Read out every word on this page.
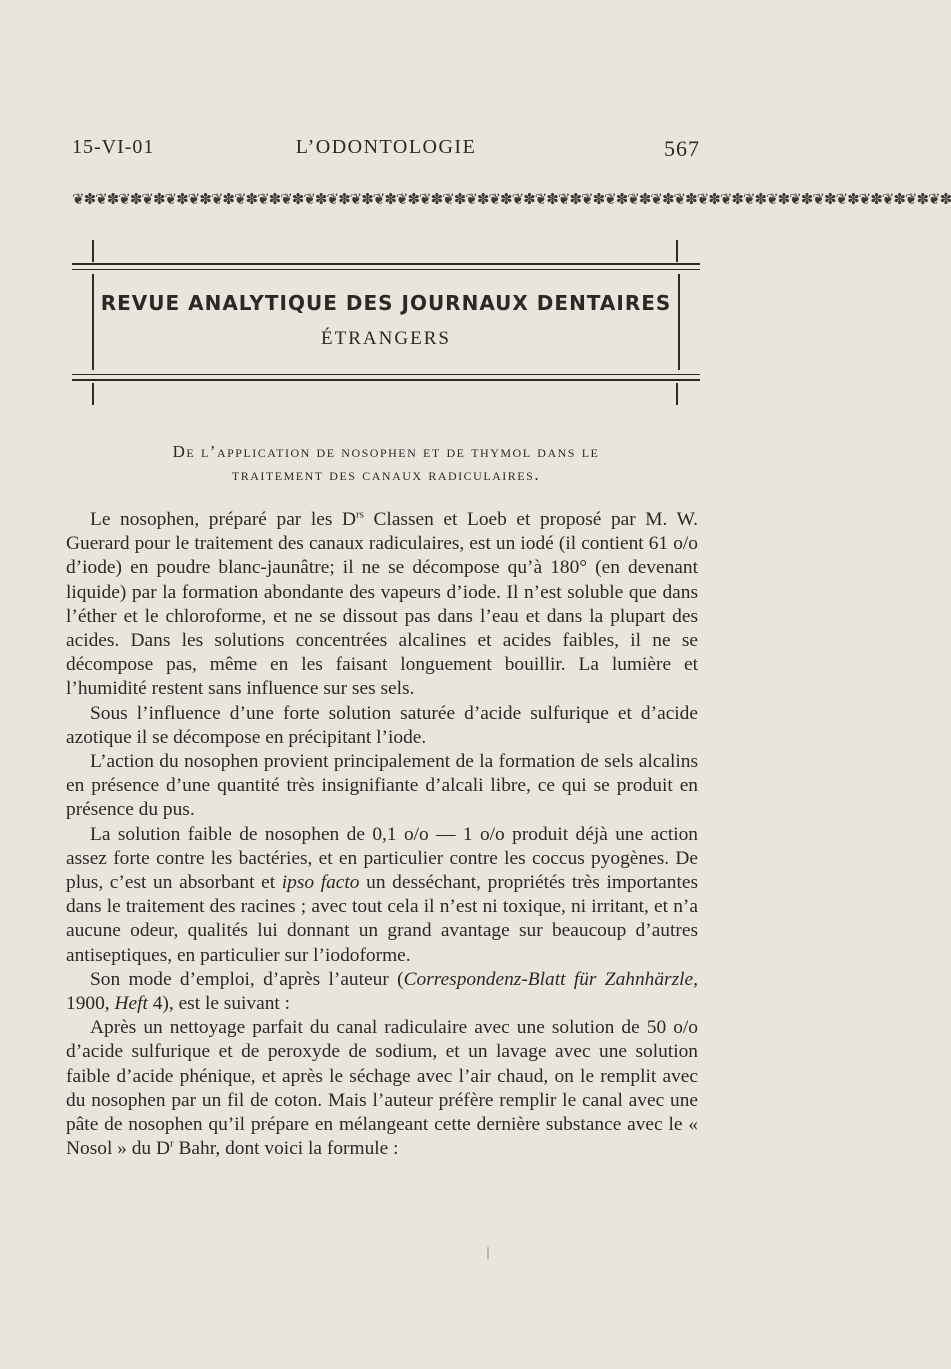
15-VI-01	L’ODONTOLOGIE	567
❦✽❦✽❦✽❦✽❦✽❦✽❦✽❦✽❦✽❦✽❦✽❦✽❦✽❦✽❦✽❦✽❦✽❦✽❦✽❦✽❦✽❦✽❦✽❦✽❦✽❦✽❦✽❦✽❦✽❦✽❦✽❦✽❦✽❦✽❦✽❦✽❦✽❦✽
REVUE ANALYTIQUE DES JOURNAUX DENTAIRES
ÉTRANGERS
De l’application de nosophen et de thymol dans le
traitement des canaux radiculaires.

Le nosophen, préparé par les $D^{rs}$ Classen et Loeb et proposé par M. W. Guerard pour le traitement des canaux radiculaires, est un iodé (il contient 61 o/o d’iode) en poudre blanc-jaunâtre; il ne se décompose qu’à 180° (en devenant liquide) par la formation abondante des vapeurs d’iode. Il n’est soluble que dans l’éther et le chloroforme, et ne se dissout pas dans l’eau et dans la plupart des acides. Dans les solutions concentrées alcalines et acides faibles, il ne se décompose pas, même en les faisant longuement bouillir. La lumière et l’humidité restent sans influence sur ses sels.

Sous l’influence d’une forte solution saturée d’acide sulfurique et d’acide azotique il se décompose en précipitant l’iode.

L’action du nosophen provient principalement de la formation de sels alcalins en présence d’une quantité très insignifiante d’alcali libre, ce qui se produit en présence du pus.

La solution faible de nosophen de 0,1 o/o — 1 o/o produit déjà une action assez forte contre les bactéries, et en particulier contre les coccus pyogènes. De plus, c’est un absorbant et ipso facto un desséchant, propriétés très importantes dans le traitement des racines ; avec tout cela il n’est ni toxique, ni irritant, et n’a aucune odeur, qualités lui donnant un grand avantage sur beaucoup d’autres antiseptiques, en particulier sur l’iodoforme.

Son mode d’emploi, d’après l’auteur (Correspondenz-Blatt für Zahnhärzle, 1900, Heft 4), est le suivant :

Après un nettoyage parfait du canal radiculaire avec une solution de 50 o/o d’acide sulfurique et de peroxyde de sodium, et un lavage avec une solution faible d’acide phénique, et après le séchage avec l’air chaud, on le remplit avec du nosophen par un fil de coton. Mais l’auteur préfère remplir le canal avec une pâte de nosophen qu’il prépare en mélangeant cette dernière substance avec le « Nosol » du $D^r$ Bahr, dont voici la formule :
